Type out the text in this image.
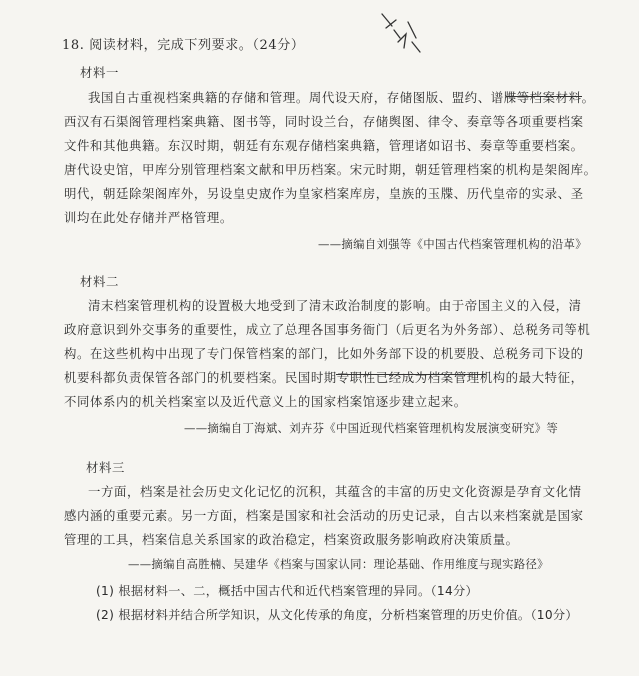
18. 阅读材料，完成下列要求。（24分）
材料一
我国自古重视档案典籍的存储和管理。周代设天府，存储图版、盟约、谱牒等档案材料。
西汉有石渠阁管理档案典籍、图书等，同时设兰台，存储舆图、律令、奏章等各项重要档案
文件和其他典籍。东汉时期，朝廷有东观存储档案典籍，管理诸如诏书、奏章等重要档案。
唐代设史馆，甲库分别管理档案文献和甲历档案。宋元时期，朝廷管理档案的机构是架阁库。
明代，朝廷除架阁库外，另设皇史宬作为皇家档案库房，皇族的玉牒、历代皇帝的实录、圣
训均在此处存储并严格管理。
——摘编自刘强等《中国古代档案管理机构的沿革》
材料二
清末档案管理机构的设置极大地受到了清末政治制度的影响。由于帝国主义的入侵，清
政府意识到外交事务的重要性，成立了总理各国事务衙门（后更名为外务部）、总税务司等机
构。在这些机构中出现了专门保管档案的部门，比如外务部下设的机要股、总税务司下设的
机要科都负责保管各部门的机要档案。民国时期专职性已经成为档案管理机构的最大特征，
不同体系内的机关档案室以及近代意义上的国家档案馆逐步建立起来。
——摘编自丁海斌、刘卉芬《中国近现代档案管理机构发展演变研究》等
材料三
一方面，档案是社会历史文化记忆的沉积，其蕴含的丰富的历史文化资源是孕育文化情
感内涵的重要元素。另一方面，档案是国家和社会活动的历史记录，自古以来档案就是国家
管理的工具，档案信息关系国家的政治稳定，档案资政服务影响政府决策质量。
——摘编自高胜楠、吴建华《档案与国家认同：理论基础、作用维度与现实路径》
(1) 根据材料一、二，概括中国古代和近代档案管理的异同。（14分）
(2) 根据材料并结合所学知识，从文化传承的角度，分析档案管理的历史价值。（10分）
